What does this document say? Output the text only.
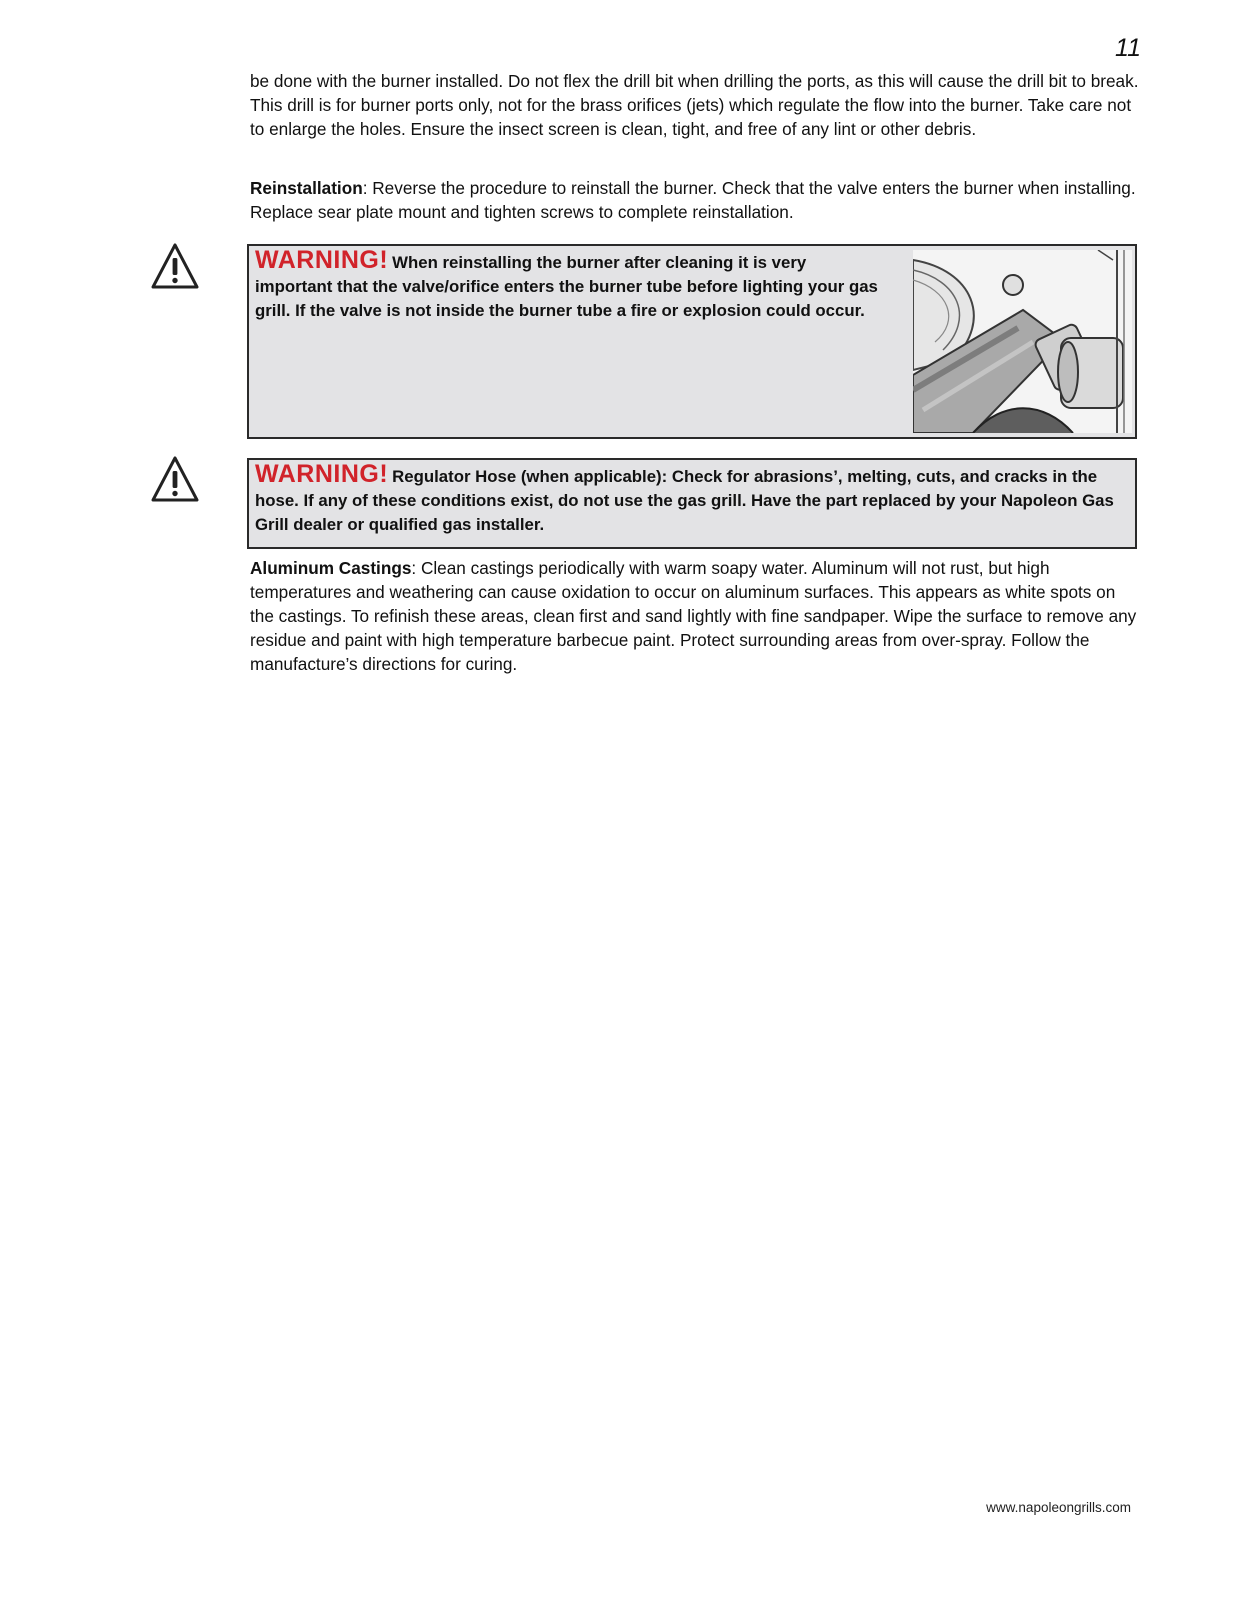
11

be done with the burner installed. Do not flex the drill bit when drilling the ports, as this will cause the drill bit to break. This drill is for burner ports only, not for the brass orifices (jets) which regulate the flow into the burner. Take care not to enlarge the holes. Ensure the insect screen is clean, tight, and free of any lint or other debris.

Reinstallation: Reverse the procedure to reinstall the burner. Check that the valve enters the burner when installing. Replace sear plate mount and tighten screws to complete reinstallation.

WARNING! When reinstalling the burner after cleaning it is very important that the valve/orifice enters the burner tube before lighting your gas grill. If the valve is not inside the burner tube a fire or explosion could occur.

WARNING! Regulator Hose (when applicable): Check for abrasions’, melting, cuts, and cracks in the hose. If any of these conditions exist, do not use the gas grill. Have the part replaced by your Napoleon Gas Grill dealer or qualified gas installer.

Aluminum Castings: Clean castings periodically with warm soapy water. Aluminum will not rust, but high temperatures and weathering can cause oxidation to occur on aluminum surfaces. This appears as white spots on the castings. To refinish these areas, clean first and sand lightly with fine sandpaper. Wipe the surface to remove any residue and paint with high temperature barbecue paint. Protect surrounding areas from over-spray. Follow the manufacture’s directions for curing.

www.napoleongrills.com
